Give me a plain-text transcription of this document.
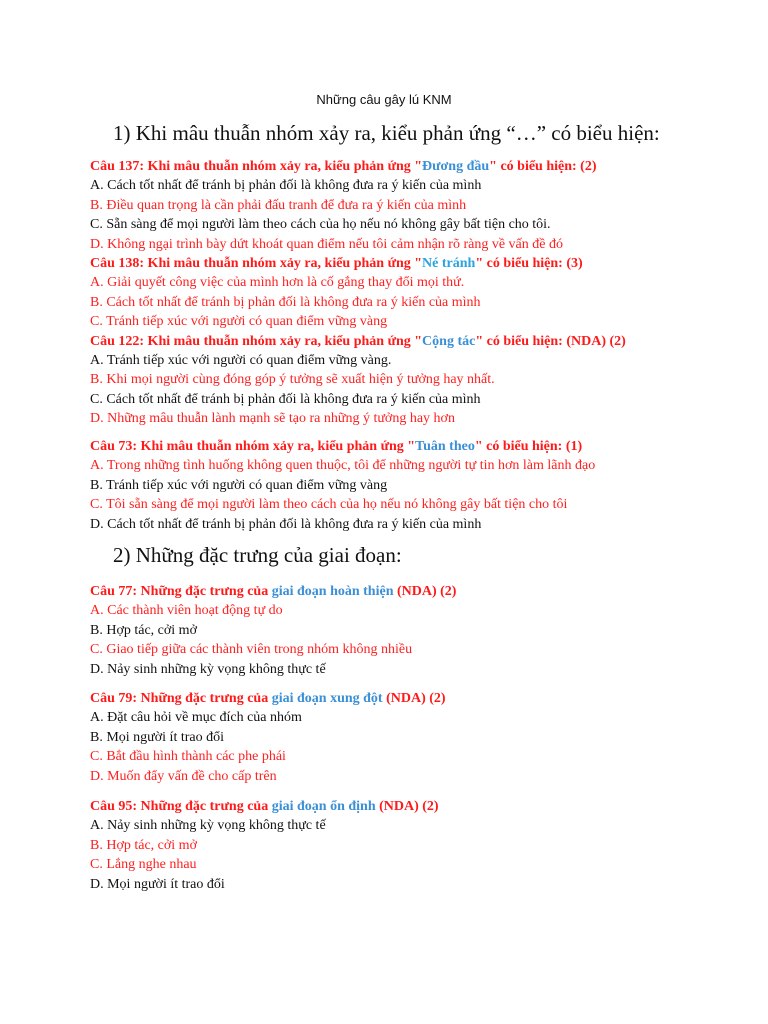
Những câu gây lú KNM
1) Khi mâu thuẫn nhóm xảy ra, kiểu phản ứng “…” có biểu hiện:
Câu 137: Khi mâu thuẫn nhóm xảy ra, kiểu phản ứng "Đương đầu" có biểu hiện: (2)
A. Cách tốt nhất để tránh bị phản đối là không đưa ra ý kiến của mình
B. Điều quan trọng là cần phải đấu tranh để đưa ra ý kiến của mình
C. Sẵn sàng để mọi người làm theo cách của họ nếu nó không gây bất tiện cho tôi.
D. Không ngại trình bày dứt khoát quan điểm nếu tôi cảm nhận rõ ràng về vấn đề đó
Câu 138: Khi mâu thuẫn nhóm xảy ra, kiểu phản ứng "Né tránh" có biểu hiện: (3)
A. Giải quyết công việc của mình hơn là cố gắng thay đổi mọi thứ.
B. Cách tốt nhất để tránh bị phản đối là không đưa ra ý kiến của mình
C. Tránh tiếp xúc với người có quan điểm vững vàng
Câu 122: Khi mâu thuẫn nhóm xảy ra, kiểu phản ứng "Cộng tác" có biểu hiện: (NDA) (2)
A. Tránh tiếp xúc với người có quan điểm vững vàng.
B. Khi mọi người cùng đóng góp ý tưởng sẽ xuất hiện ý tưởng hay nhất.
C. Cách tốt nhất để tránh bị phản đối là không đưa ra ý kiến của mình
D. Những mâu thuẫn lành mạnh sẽ tạo ra những ý tưởng hay hơn
Câu 73: Khi mâu thuẫn nhóm xảy ra, kiểu phản ứng "Tuân theo" có biểu hiện: (1)
A. Trong những tình huống không quen thuộc, tôi để những người tự tin hơn làm lãnh đạo
B. Tránh tiếp xúc với người có quan điểm vững vàng
C. Tôi sẵn sàng để mọi người làm theo cách của họ nếu nó không gây bất tiện cho tôi
D. Cách tốt nhất để tránh bị phản đối là không đưa ra ý kiến của mình
2) Những đặc trưng của giai đoạn:
Câu 77: Những đặc trưng của giai đoạn hoàn thiện (NDA) (2)
A. Các thành viên hoạt động tự do
B. Hợp tác, cởi mở
C. Giao tiếp giữa các thành viên trong nhóm không nhiều
D. Nảy sinh những kỳ vọng không thực tế
Câu 79: Những đặc trưng của giai đoạn xung đột (NDA) (2)
A. Đặt câu hỏi về mục đích của nhóm
B. Mọi người ít trao đổi
C. Bắt đầu hình thành các phe phái
D. Muốn đẩy vấn đề cho cấp trên
Câu 95: Những đặc trưng của giai đoạn ổn định (NDA) (2)
A. Nảy sinh những kỳ vọng không thực tế
B. Hợp tác, cởi mở
C. Lắng nghe nhau
D. Mọi người ít trao đổi
